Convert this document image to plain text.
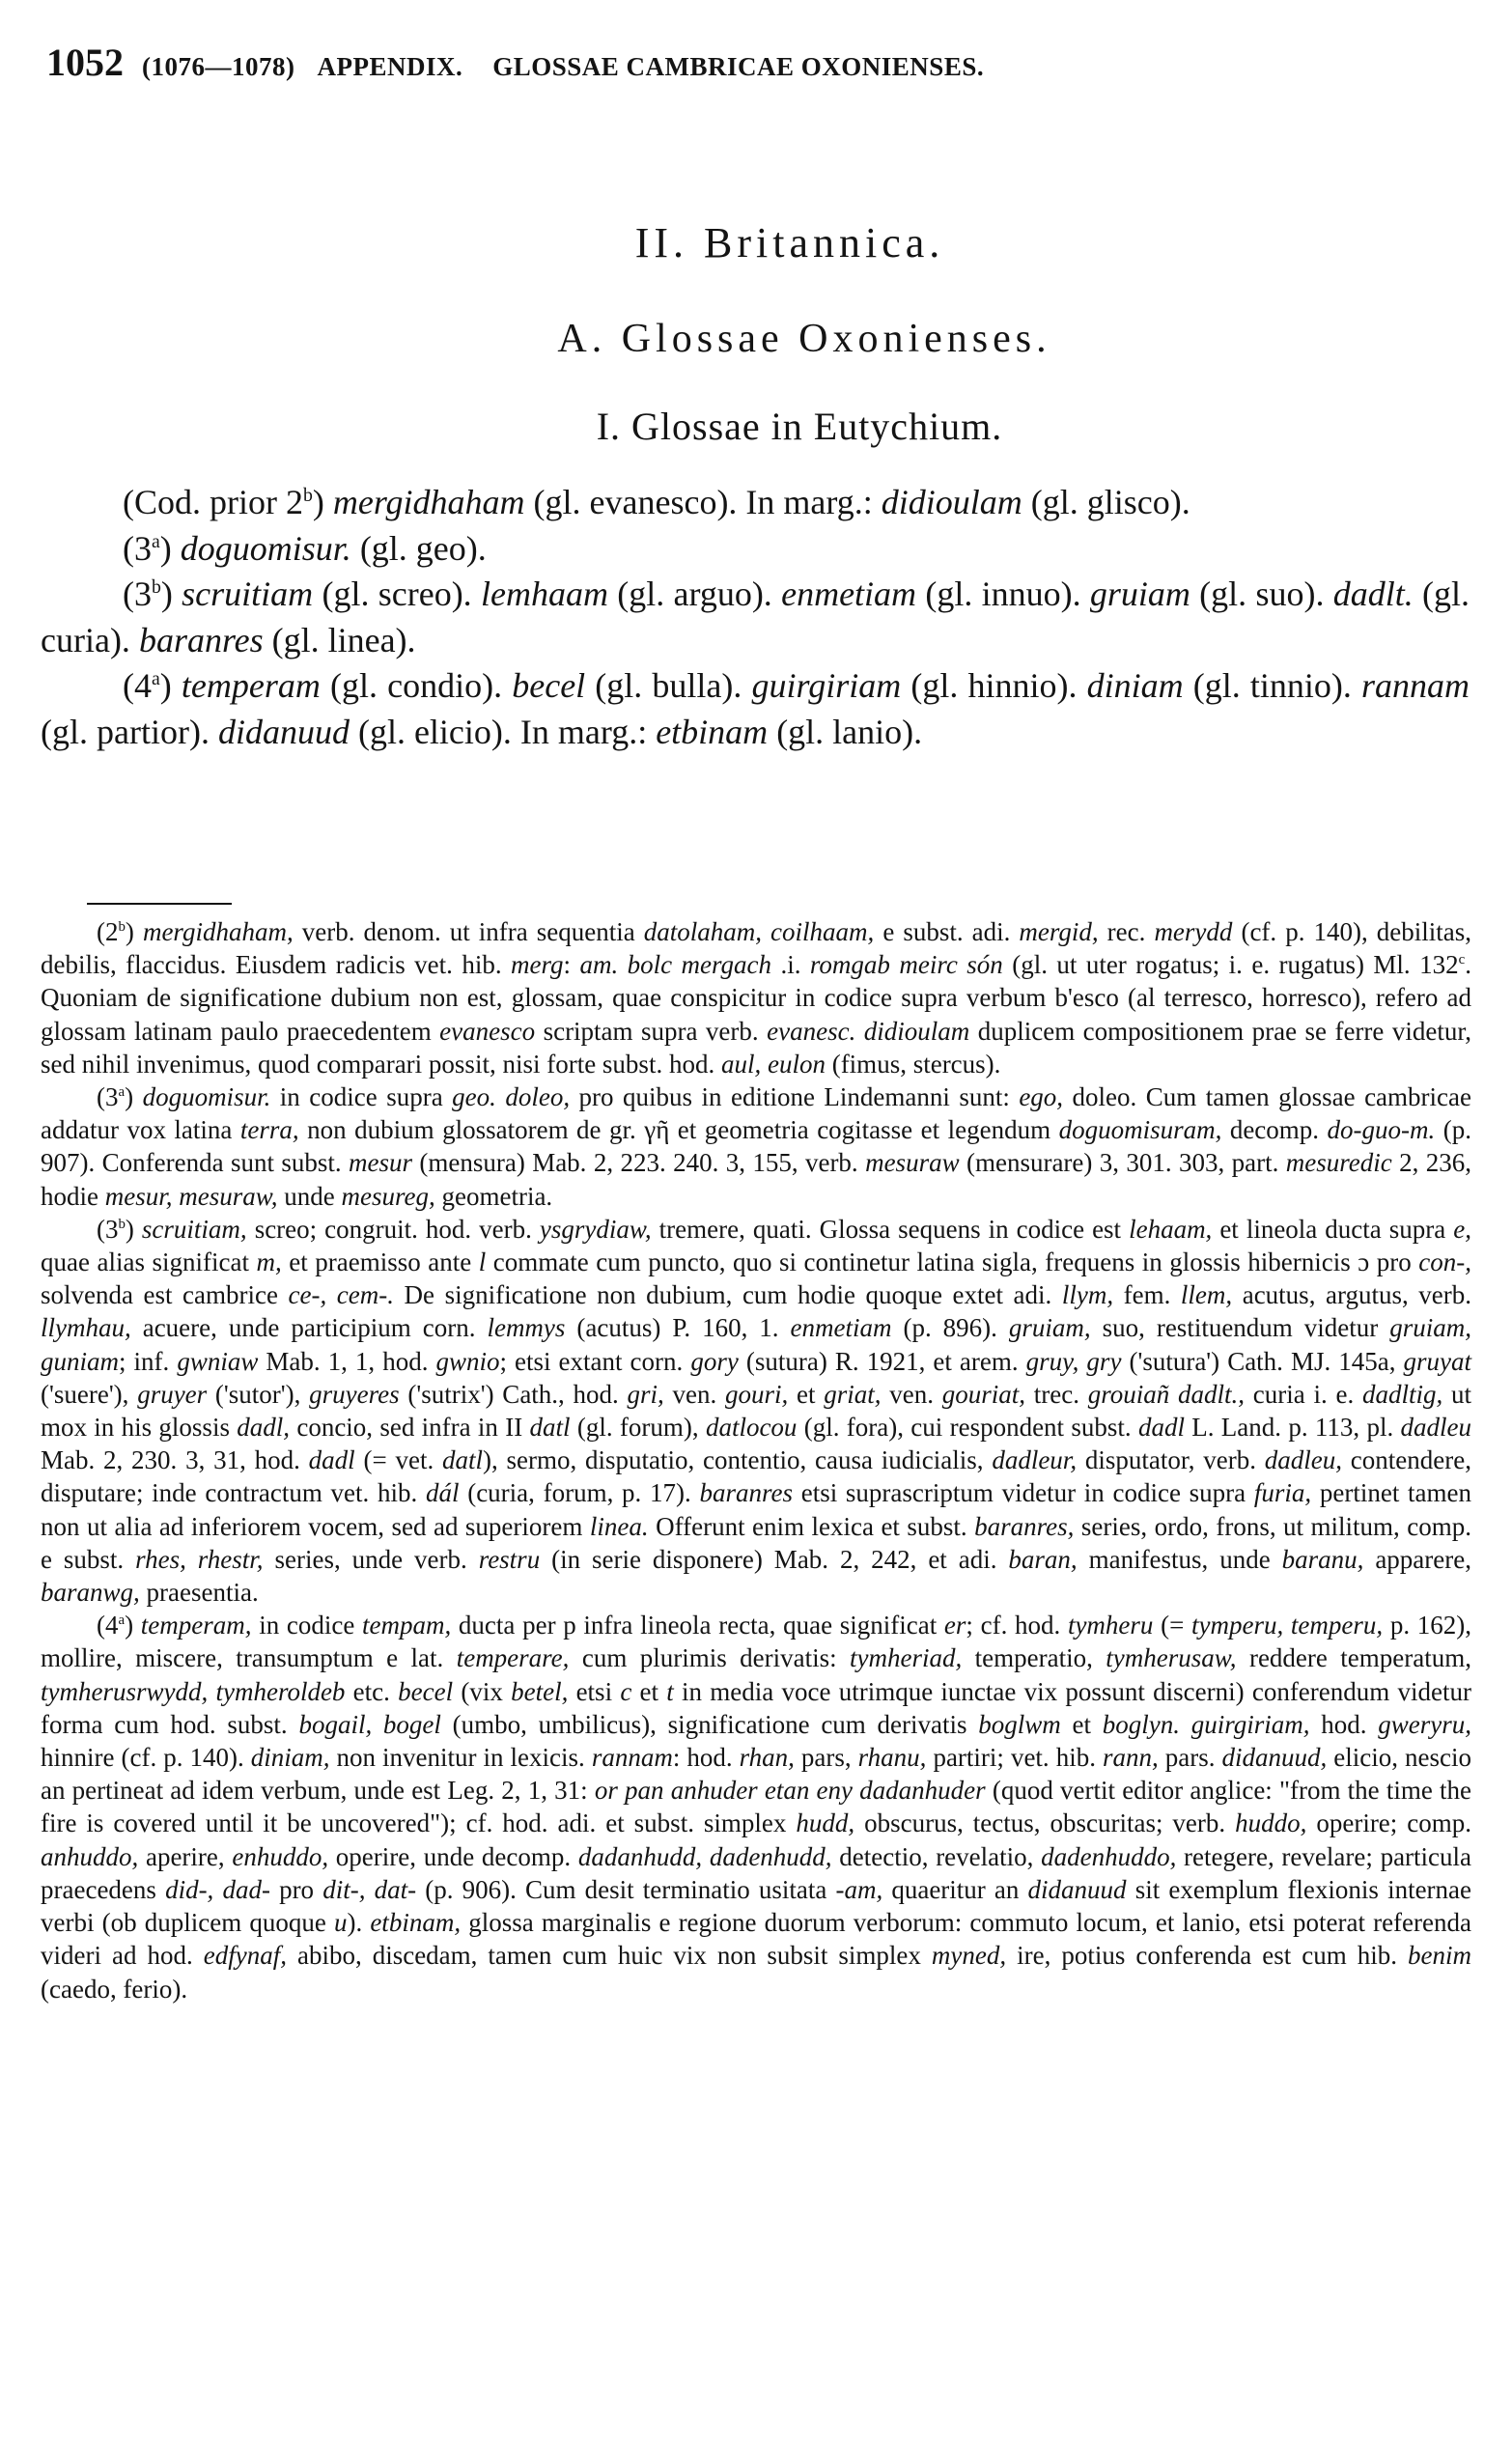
1052 (1076—1078) APPENDIX. GLOSSAE CAMBRICAE OXONIENSES.
II. Britannica.
A. Glossae Oxonienses.
I. Glossae in Eutychium.

(Cod. prior 2$^b$) mergidhaham (gl. evanesco). In marg.: didioulam (gl. glisco).

(3$^a$) doguomisur. (gl. geo).

(3$^b$) scruitiam (gl. screo). lemhaam (gl. arguo). enmetiam (gl. innuo). gruiam (gl. suo). dadlt. (gl. curia). baranres (gl. linea).

(4$^a$) temperam (gl. condio). becel (gl. bulla). guirgiriam (gl. hinnio). diniam (gl. tinnio). rannam (gl. partior). didanuud (gl. elicio). In marg.: etbinam (gl. lanio).

(2$^b$) mergidhaham, verb. denom. ut infra sequentia datolaham, coilhaam, e subst. adi. mergid, rec. merydd (cf. p. 140), debilitas, debilis, flaccidus. Eiusdem radicis vet. hib. merg: am. bolc mergach .i. romgab meirc són (gl. ut uter rogatus; i. e. rugatus) Ml. 132$^c$. Quoniam de significatione dubium non est, glossam, quae conspicitur in codice supra verbum b'esco (al terresco, horresco), refero ad glossam latinam paulo praecedentem evanesco scriptam supra verb. evanesc. didioulam duplicem compositionem prae se ferre videtur, sed nihil invenimus, quod comparari possit, nisi forte subst. hod. aul, eulon (fimus, stercus).

(3$^a$) doguomisur. in codice supra geo. doleo, pro quibus in editione Lindemanni sunt: ego, doleo. Cum tamen glossae cambricae addatur vox latina terra, non dubium glossatorem de gr. γῆ et geometria cogitasse et legendum doguomisuram, decomp. do-guo-m. (p. 907). Conferenda sunt subst. mesur (mensura) Mab. 2, 223. 240. 3, 155, verb. mesuraw (mensurare) 3, 301. 303, part. mesuredic 2, 236, hodie mesur, mesuraw, unde mesureg, geometria.

(3$^b$) scruitiam, screo; congruit. hod. verb. ysgrydiaw, tremere, quati. Glossa sequens in codice est lehaam, et lineola ducta supra e, quae alias significat m, et praemisso ante l commate cum puncto, quo si continetur latina sigla, frequens in glossis hibernicis ɔ pro con-, solvenda est cambrice ce-, cem-. De significatione non dubium, cum hodie quoque extet adi. llym, fem. llem, acutus, argutus, verb. llymhau, acuere, unde participium corn. lemmys (acutus) P. 160, 1. enmetiam (p. 896). gruiam, suo, restituendum videtur gruiam, guniam; inf. gwniaw Mab. 1, 1, hod. gwnio; etsi extant corn. gory (sutura) R. 1921, et arem. gruy, gry ('sutura') Cath. MJ. 145a, gruyat ('suere'), gruyer ('sutor'), gruyeres ('sutrix') Cath., hod. gri, ven. gouri, et griat, ven. gouriat, trec. grouiañ dadlt., curia i. e. dadltig, ut mox in his glossis dadl, concio, sed infra in II datl (gl. forum), datlocou (gl. fora), cui respondent subst. dadl L. Land. p. 113, pl. dadleu Mab. 2, 230. 3, 31, hod. dadl (= vet. datl), sermo, disputatio, contentio, causa iudicialis, dadleur, disputator, verb. dadleu, contendere, disputare; inde contractum vet. hib. dál (curia, forum, p. 17). baranres etsi suprascriptum videtur in codice supra furia, pertinet tamen non ut alia ad inferiorem vocem, sed ad superiorem linea. Offerunt enim lexica et subst. baranres, series, ordo, frons, ut militum, comp. e subst. rhes, rhestr, series, unde verb. restru (in serie disponere) Mab. 2, 242, et adi. baran, manifestus, unde baranu, apparere, baranwg, praesentia.

(4$^a$) temperam, in codice tempam, ducta per p infra lineola recta, quae significat er; cf. hod. tymheru (= tymperu, temperu, p. 162), mollire, miscere, transumptum e lat. temperare, cum plurimis derivatis: tymheriad, temperatio, tymherusaw, reddere temperatum, tymherusrwydd, tymheroldeb etc. becel (vix betel, etsi c et t in media voce utrimque iunctae vix possunt discerni) conferendum videtur forma cum hod. subst. bogail, bogel (umbo, umbilicus), significatione cum derivatis boglwm et boglyn. guirgiriam, hod. gweryru, hinnire (cf. p. 140). diniam, non invenitur in lexicis. rannam: hod. rhan, pars, rhanu, partiri; vet. hib. rann, pars. didanuud, elicio, nescio an pertineat ad idem verbum, unde est Leg. 2, 1, 31: or pan anhuder etan eny dadanhuder (quod vertit editor anglice: "from the time the fire is covered until it be uncovered"); cf. hod. adi. et subst. simplex hudd, obscurus, tectus, obscuritas; verb. huddo, operire; comp. anhuddo, aperire, enhuddo, operire, unde decomp. dadanhudd, dadenhudd, detectio, revelatio, dadenhuddo, retegere, revelare; particula praecedens did-, dad- pro dit-, dat- (p. 906). Cum desit terminatio usitata -am, quaeritur an didanuud sit exemplum flexionis internae verbi (ob duplicem quoque u). etbinam, glossa marginalis e regione duorum verborum: commuto locum, et lanio, etsi poterat referenda videri ad hod. edfynaf, abibo, discedam, tamen cum huic vix non subsit simplex myned, ire, potius conferenda est cum hib. benim (caedo, ferio).
